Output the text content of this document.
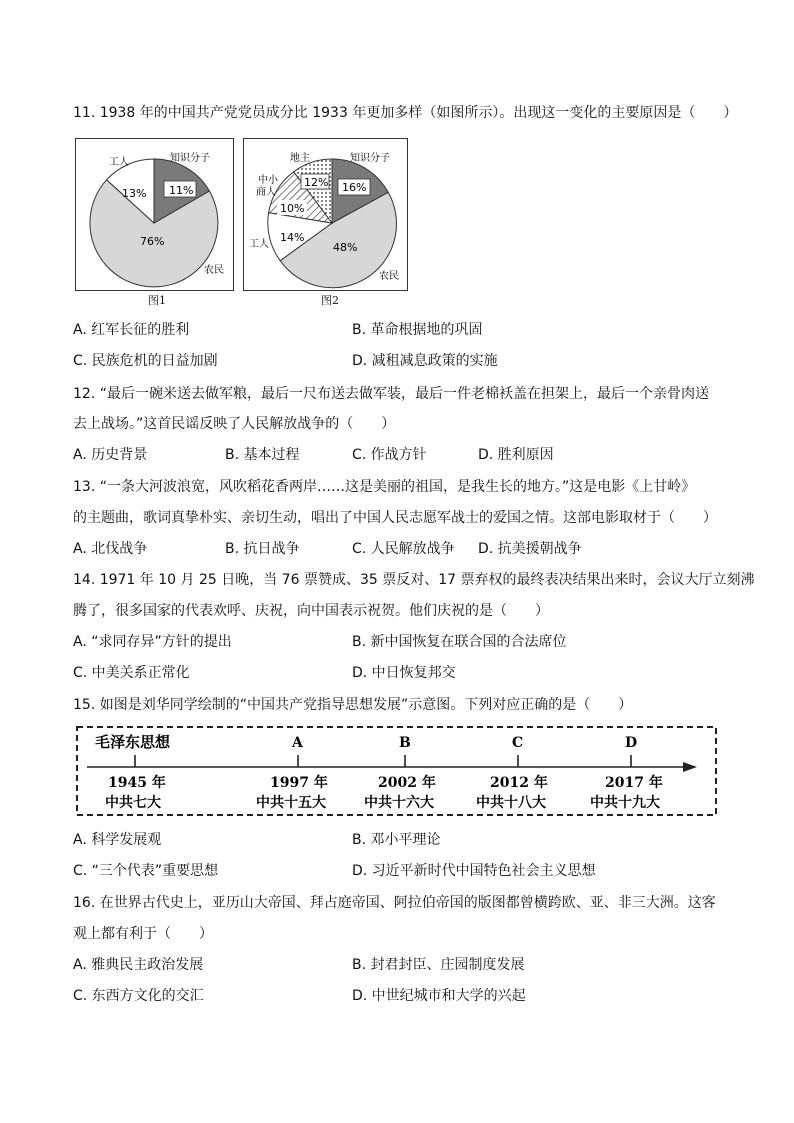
11. 1938 年的中国共产党党员成分比 1933 年更加多样（如图所示）。出现这一变化的主要原因是（　　）
11%
13%
76%
知识分子
工人
农民
图1
12% 16%
10%
14%
48%
地主	知识分子
中小
商人
工人
农民
图2
A. 红军长征的胜利	B. 革命根据地的巩固
C. 民族危机的日益加剧	D. 减租减息政策的实施
12. “最后一碗米送去做军粮，最后一尺布送去做军装，最后一件老棉袄盖在担架上，最后一个亲骨肉送
去上战场。”这首民谣反映了人民解放战争的（　　）
A. 历史背景	B. 基本过程	C. 作战方针	D. 胜利原因
13. “一条大河波浪宽，风吹稻花香两岸……这是美丽的祖国，是我生长的地方。”这是电影《上甘岭》
的主题曲，歌词真挚朴实、亲切生动，唱出了中国人民志愿军战士的爱国之情。这部电影取材于（　　）
A. 北伐战争	B. 抗日战争	C. 人民解放战争 D. 抗美援朝战争
14. 1971 年 10 月 25 日晚，当 76 票赞成、35 票反对、17 票弃权的最终表决结果出来时，会议大厅立刻沸
腾了，很多国家的代表欢呼、庆祝，向中国表示祝贺。他们庆祝的是（　　）
A. “求同存异”方针的提出	B. 新中国恢复在联合国的合法席位
C. 中美关系正常化	D. 中日恢复邦交
15. 如图是刘华同学绘制的“中国共产党指导思想发展”示意图。下列对应正确的是（　　）
毛泽东思想	A	B	C	D
1945 年	1997 年	2002 年	2012 年	2017 年
中共七大	中共十五大	中共十六大	中共十八大	中共十九大
A. 科学发展观	B. 邓小平理论
C. “三个代表”重要思想	D. 习近平新时代中国特色社会主义思想
16. 在世界古代史上，亚历山大帝国、拜占庭帝国、阿拉伯帝国的版图都曾横跨欧、亚、非三大洲。这客
观上都有利于（　　）
A. 雅典民主政治发展	B. 封君封臣、庄园制度发展
C. 东西方文化的交汇	D. 中世纪城市和大学的兴起
